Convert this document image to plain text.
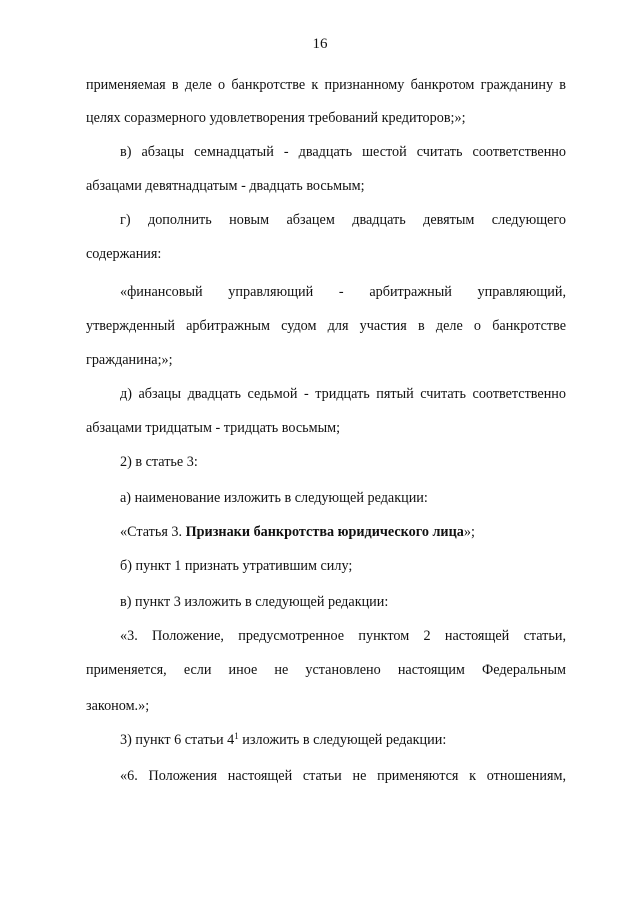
16
применяемая в деле о банкротстве к признанному банкротом гражданину в
целях соразмерного удовлетворения требований кредиторов;»;
в) абзацы семнадцатый - двадцать шестой считать соответственно
абзацами девятнадцатым - двадцать восьмым;
г) дополнить новым абзацем двадцать девятым следующего
содержания:
«финансовый управляющий - арбитражный управляющий,
утвержденный арбитражным судом для участия в деле о банкротстве
гражданина;»;
д) абзацы двадцать седьмой - тридцать пятый считать соответственно
абзацами тридцатым - тридцать восьмым;
2) в статье 3:
а) наименование изложить в следующей редакции:
«Статья 3. Признаки банкротства юридического лица»;
б) пункт 1 признать утратившим силу;
в) пункт 3 изложить в следующей редакции:
«3. Положение, предусмотренное пунктом 2 настоящей статьи,
применяется, если иное не установлено настоящим Федеральным
законом.»;
3) пункт 6 статьи $4^1$ изложить в следующей редакции:
«6. Положения настоящей статьи не применяются к отношениям,
